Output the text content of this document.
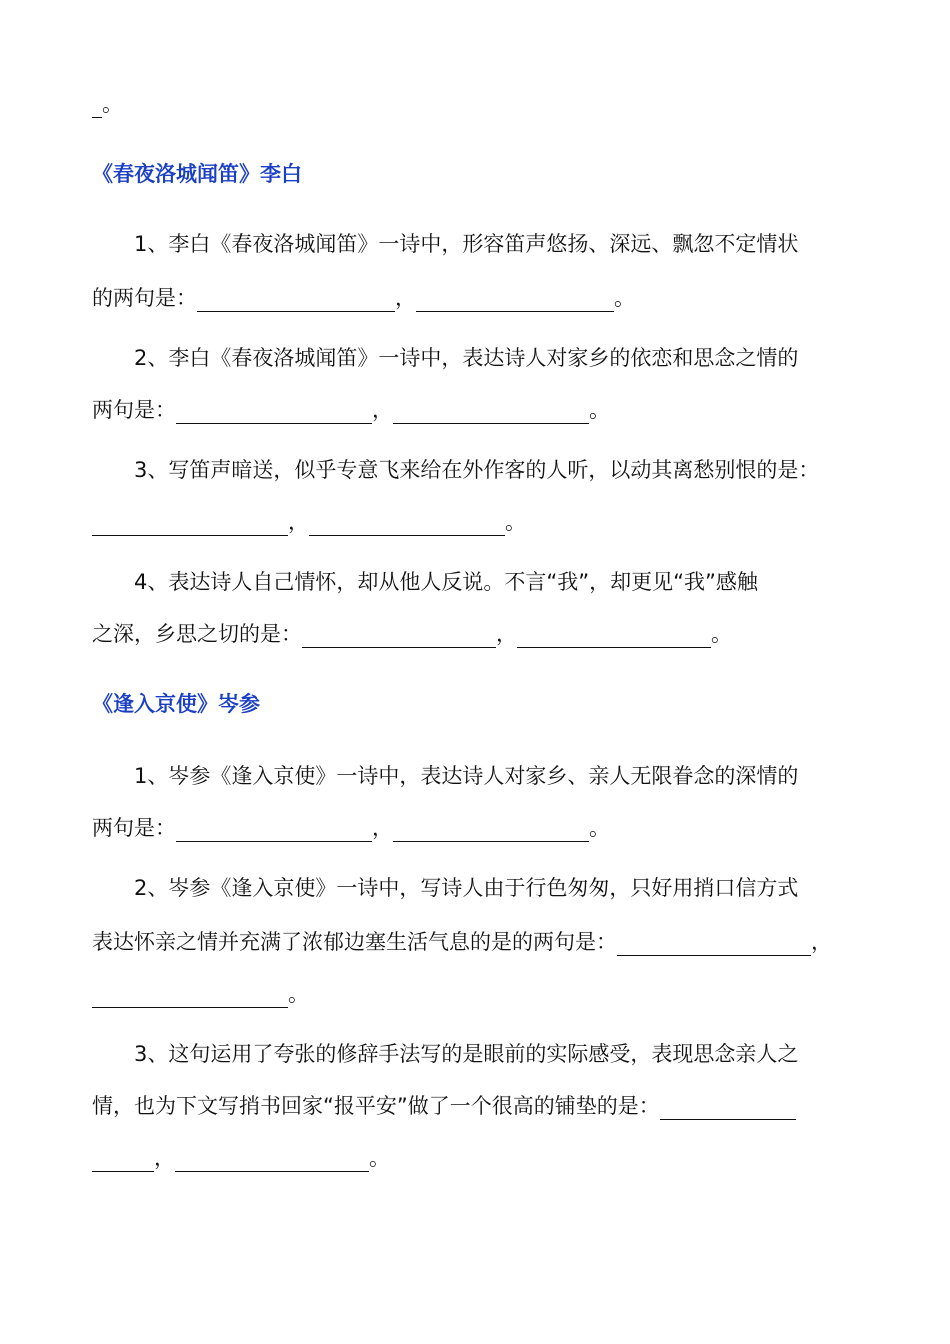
。
《春夜洛城闻笛》李白
1、李白《春夜洛城闻笛》一诗中，形容笛声悠扬、深远、飘忽不定情状
的两句是：	，	。
2、李白《春夜洛城闻笛》一诗中，表达诗人对家乡的依恋和思念之情的
两句是：	，	。
3、写笛声暗送，似乎专意飞来给在外作客的人听，以动其离愁别恨的是：
，	。
4、表达诗人自己情怀，却从他人反说。不言“我”，却更见“我”感触
之深，乡思之切的是：	，	。
《逢入京使》岑参
1、岑参《逢入京使》一诗中，表达诗人对家乡、亲人无限眷念的深情的
两句是：	，	。
2、岑参《逢入京使》一诗中，写诗人由于行色匆匆，只好用捎口信方式
表达怀亲之情并充满了浓郁边塞生活气息的是的两句是：	，
。
3、这句运用了夸张的修辞手法写的是眼前的实际感受，表现思念亲人之
情，也为下文写捎书回家“报平安”做了一个很高的铺垫的是：
，	。
